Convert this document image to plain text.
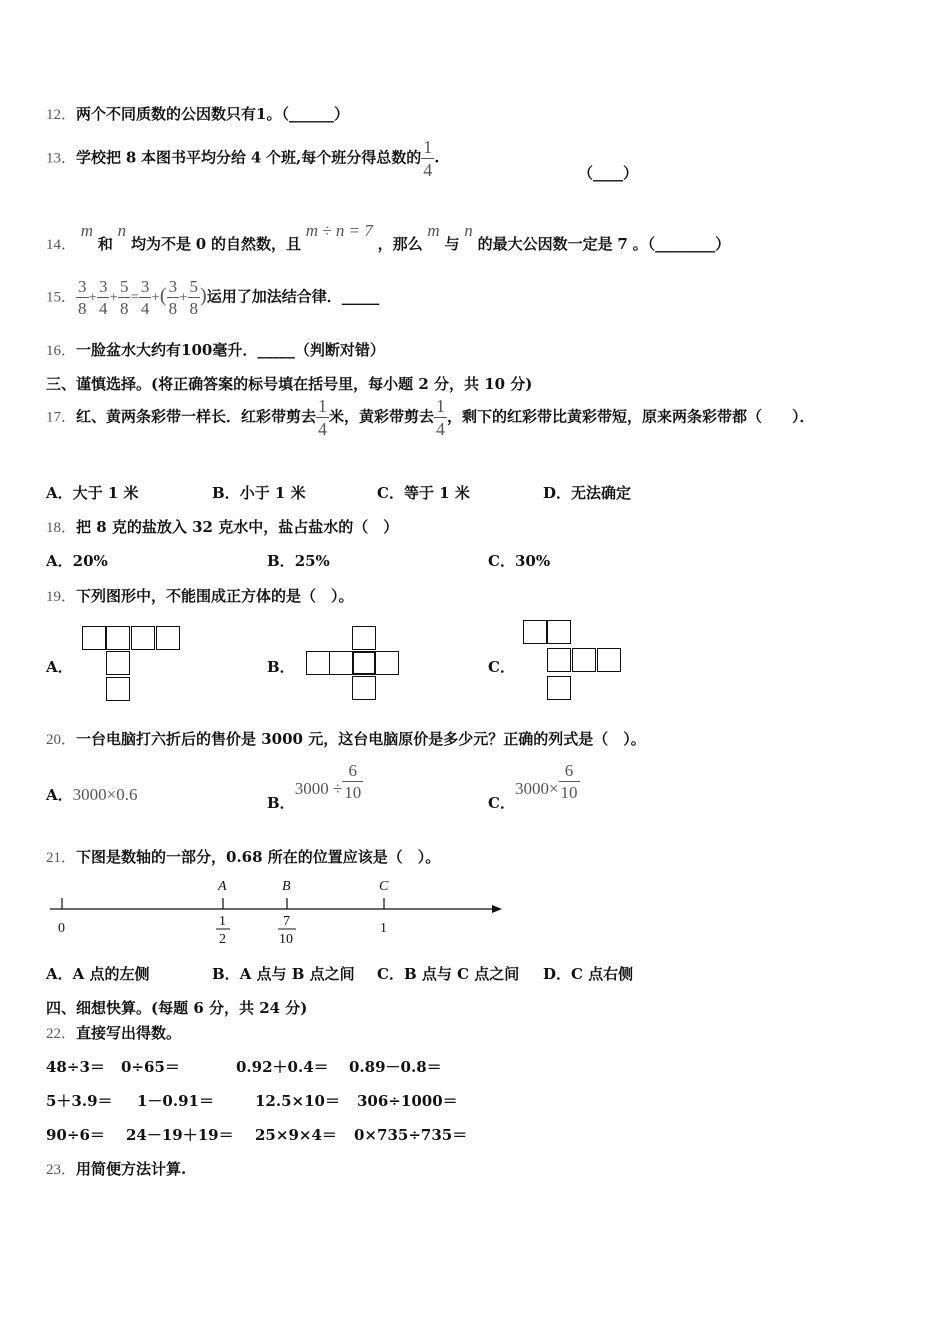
12．两个不同质数的公因数只有1。（______）
13．学校把 8 本图书平均分给 4 个班,每个班分得总数的 $\frac{1}{4}$ .
（____）
14． m 和 n 均为不是 0 的自然数，且 m ÷ n = 7 ，那么 m 与 n 的最大公因数一定是 7 。（________）
15． $\frac{3}{8} + \frac{3}{4} + \frac{5}{8} = \frac{3}{4}$ +( $\frac{3}{8} + \frac{5}{8}$ )运用了加法结合律．_____
16．一脸盆水大约有100毫升．_____（判断对错）
三、谨慎选择。(将正确答案的标号填在括号里，每小题 2 分，共 10 分)
17．红、黄两条彩带一样长．红彩带剪去 $\frac{1}{4}$ 米，黄彩带剪去 $\frac{1}{4}$ ，剩下的红彩带比黄彩带短，原来两条彩带都（　　）．
A．大于 1 米	B．小于 1 米	C．等于 1 米	D．无法确定
18．把 8 克的盐放入 32 克水中，盐占盐水的（　）
A．20%	B．25%	C．30%
19．下列图形中，不能围成正方体的是（　）。
A．	B．	C．
20．一台电脑打六折后的售价是 3000 元，这台电脑原价是多少元？正确的列式是（　）。
A．3000×0.6	B．$3000 \div \frac{6}{10}$
C．$3000\times \frac{6}{10}$
21．下图是数轴的一部分，0.68 所在的位置应该是（　）。
A	B	C
0	1
2
7
10
1
A．A 点的左侧	B．A 点与 B 点之间 C．B 点与 C 点之间 D．C 点右侧
四、细想快算。(每题 6 分，共 24 分)
22．直接写出得数。
48÷3＝ 0÷65＝	0.92＋0.4＝ 0.89－0.8＝
5＋3.9＝ 1－0.91＝	12.5×10＝ 306÷1000＝
90÷6＝ 24－19＋19＝ 25×9×4＝ 0×735÷735＝
23．用简便方法计算.
